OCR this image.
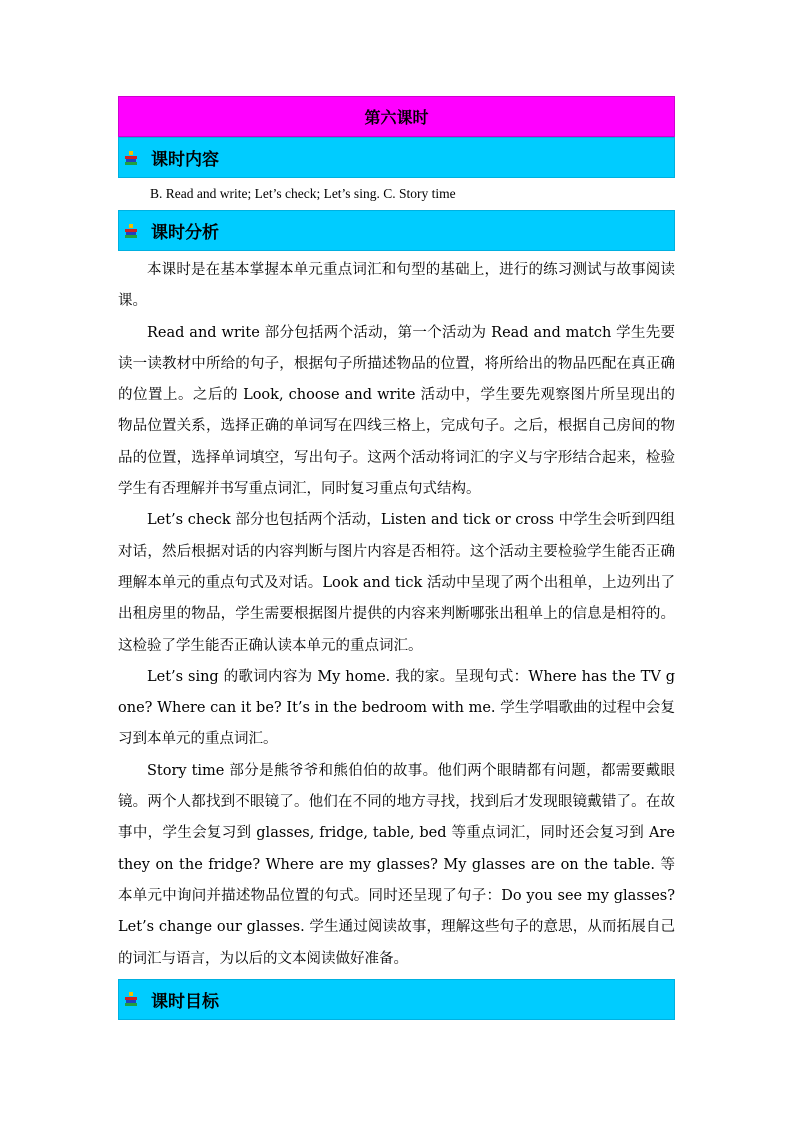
第六课时
课时内容
B. Read and write; Let’s check; Let’s sing. C. Story time
课时分析

本课时是在基本掌握本单元重点词汇和句型的基础上，进行的练习测试与故事阅读课。

Read and write 部分包括两个活动，第一个活动为 Read and match 学生先要读一读教材中所给的句子，根据句子所描述物品的位置，将所给出的物品匹配在真正确的位置上。之后的 Look, choose and write 活动中，学生要先观察图片所呈现出的物品位置关系，选择正确的单词写在四线三格上，完成句子。之后，根据自己房间的物品的位置，选择单词填空，写出句子。这两个活动将词汇的字义与字形结合起来，检验学生有否理解并书写重点词汇，同时复习重点句式结构。

Let’s check 部分也包括两个活动，Listen and tick or cross 中学生会听到四组对话，然后根据对话的内容判断与图片内容是否相符。这个活动主要检验学生能否正确理解本单元的重点句式及对话。Look and tick 活动中呈现了两个出租单，上边列出了出租房里的物品，学生需要根据图片提供的内容来判断哪张出租单上的信息是相符的。这检验了学生能否正确认读本单元的重点词汇。

Let’s sing 的歌词内容为 My home. 我的家。呈现句式：Where has the TV gone? Where can it be? It’s in the bedroom with me. 学生学唱歌曲的过程中会复习到本单元的重点词汇。

Story time 部分是熊爷爷和熊伯伯的故事。他们两个眼睛都有问题，都需要戴眼镜。两个人都找到不眼镜了。他们在不同的地方寻找，找到后才发现眼镜戴错了。在故事中，学生会复习到 glasses, fridge, table, bed 等重点词汇，同时还会复习到 Are they on the fridge? Where are my glasses? My glasses are on the table. 等本单元中询问并描述物品位置的句式。同时还呈现了句子：Do you see my glasses? Let’s change our glasses. 学生通过阅读故事，理解这些句子的意思，从而拓展自己的词汇与语言，为以后的文本阅读做好准备。

课时目标
